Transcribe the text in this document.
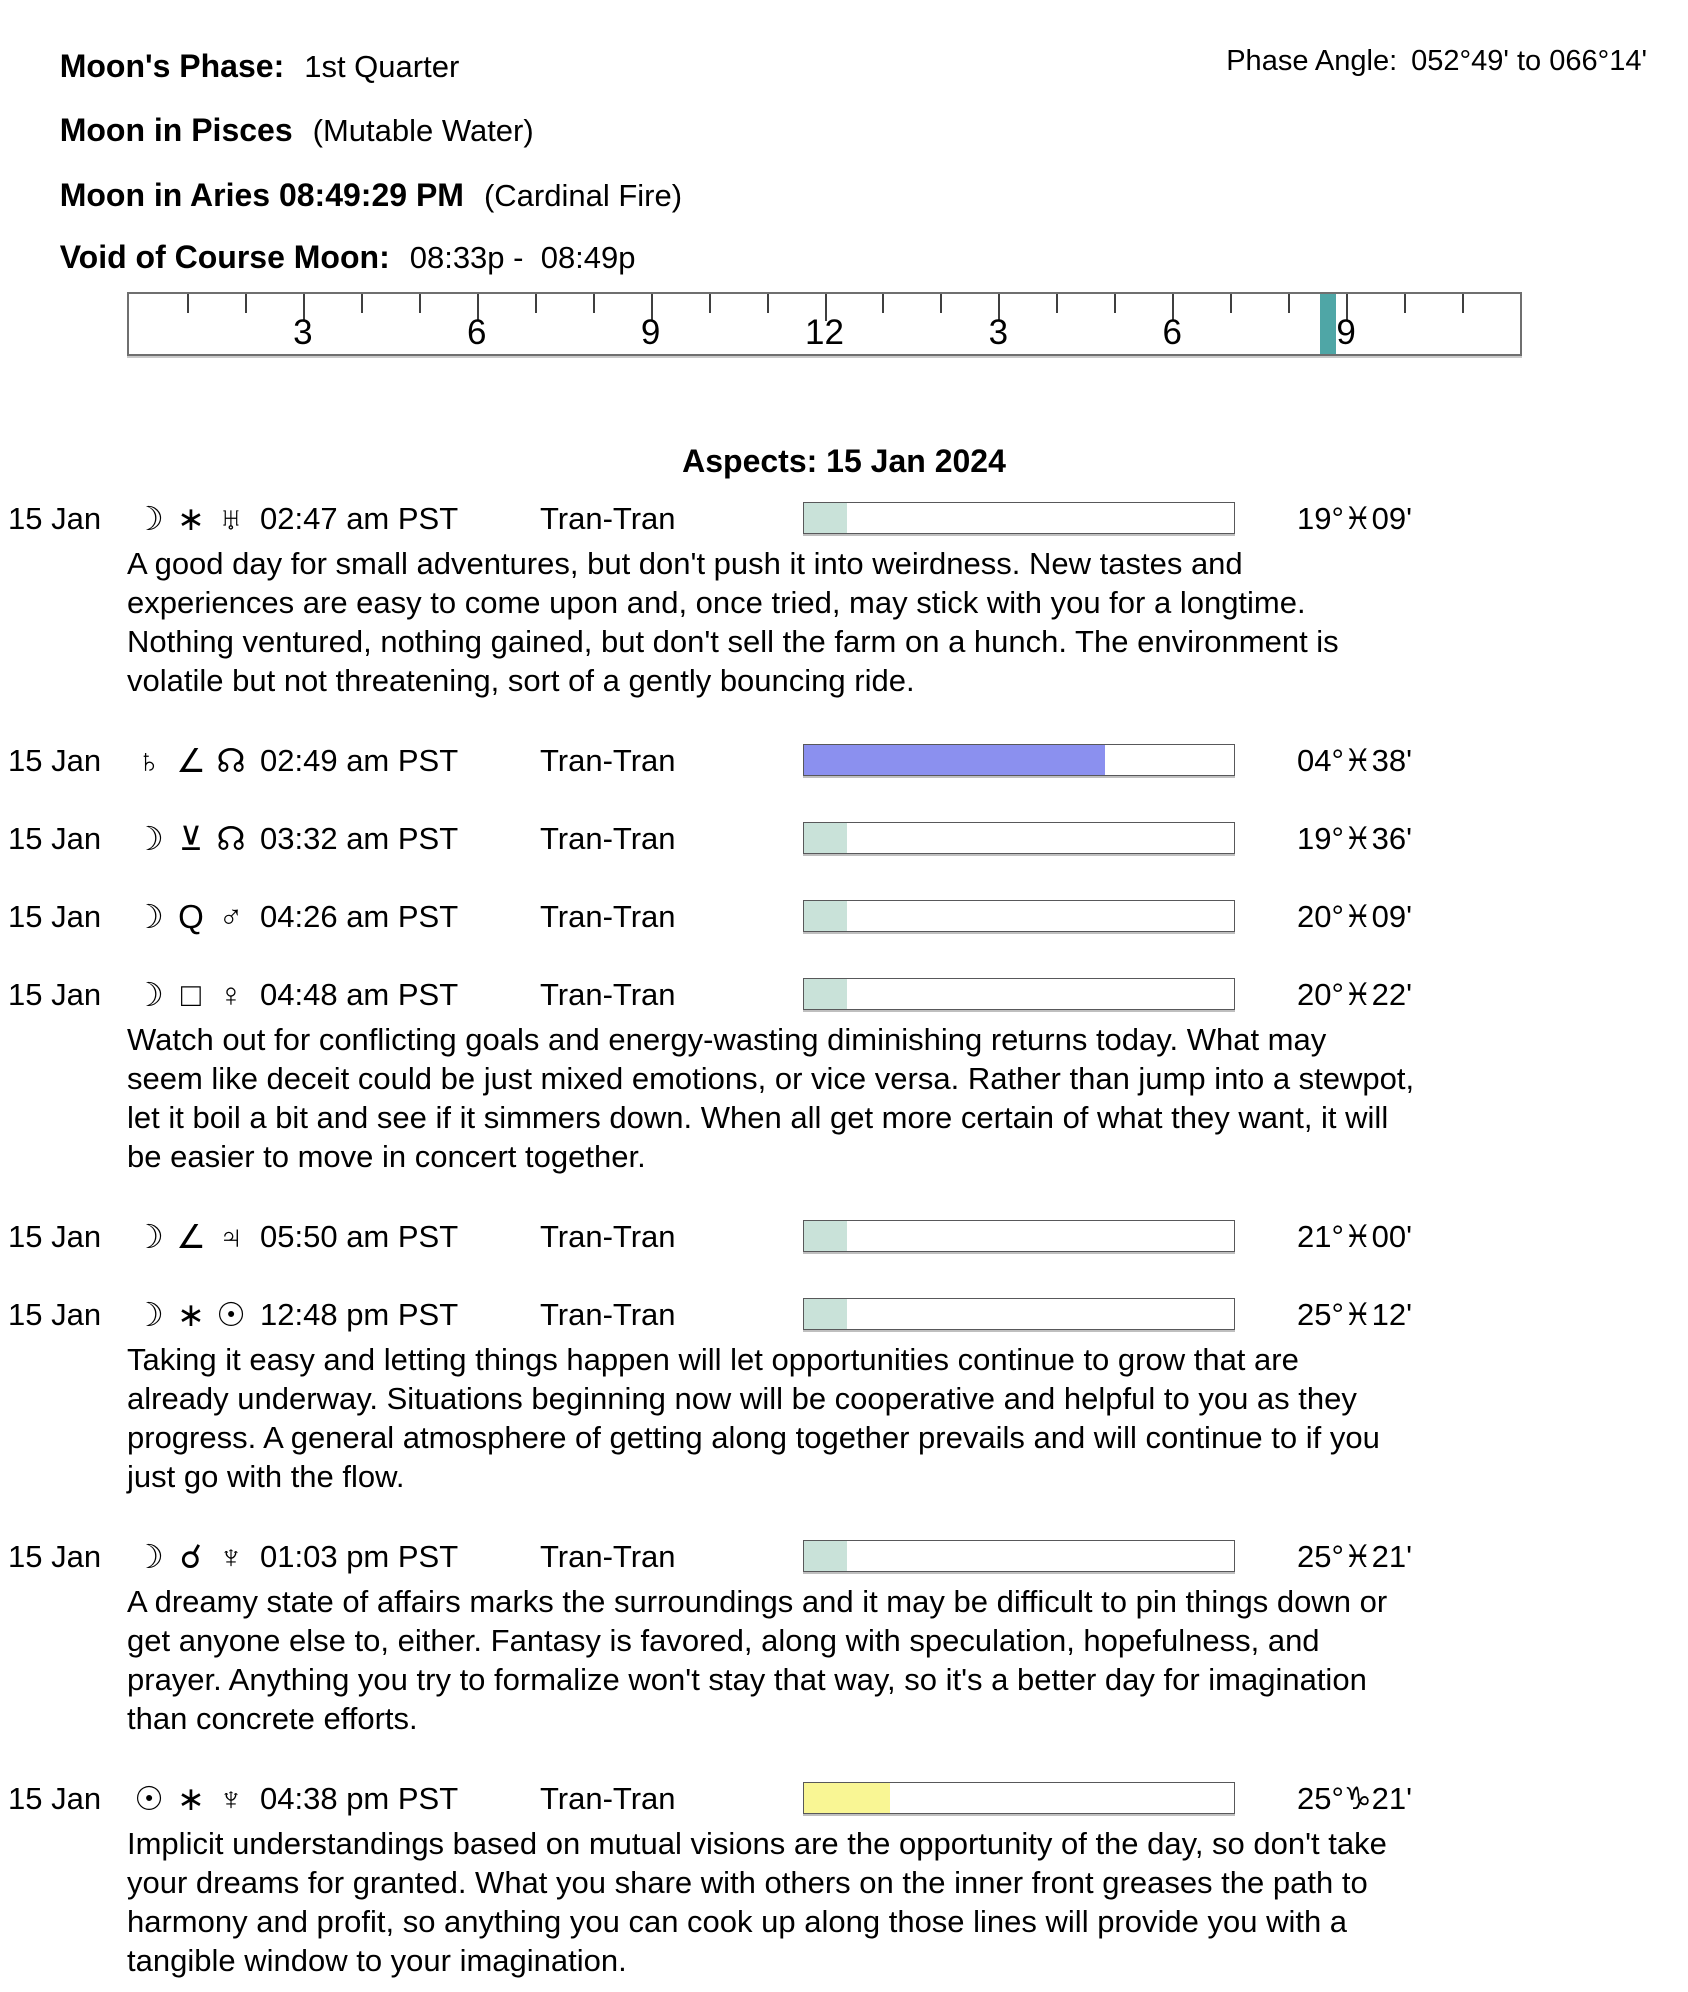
Moon's Phase: 1st Quarter
	Phase Angle: 052°49' to 066°14'

Moon in Pisces (Mutable Water)

Moon in Aries 08:49:29 PM (Cardinal Fire)

Void of Course Moon: 08:33p -  08:49p

3	6	9	12	3	6	9
Aspects: 15 Jan 2024
15 Jan ☽ ∗ ♅ 02:47 am PST	Tran-Tran

	19°♓09'
A good day for small adventures, but don't push it into weirdness. New tastes and
experiences are easy to come upon and, once tried, may stick with you for a longtime.
Nothing ventured, nothing gained, but don't sell the farm on a hunch. The environment is
volatile but not threatening, sort of a gently bouncing ride.
15 Jan ♄ ∠ ☊ 02:49 am PST	Tran-Tran

	04°♓38'
15 Jan ☽ ⊻ ☊ 03:32 am PST	Tran-Tran

	19°♓36'
15 Jan ☽ Q ♂ 04:26 am PST	Tran-Tran

	20°♓09'
15 Jan ☽ □ ♀ 04:48 am PST	Tran-Tran

	20°♓22'
Watch out for conflicting goals and energy-wasting diminishing returns today. What may
seem like deceit could be just mixed emotions, or vice versa. Rather than jump into a stewpot,
let it boil a bit and see if it simmers down. When all get more certain of what they want, it will
be easier to move in concert together.
15 Jan ☽ ∠ ♃ 05:50 am PST	Tran-Tran

	21°♓00'
15 Jan ☽ ∗ ☉ 12:48 pm PST	Tran-Tran

	25°♓12'
Taking it easy and letting things happen will let opportunities continue to grow that are
already underway. Situations beginning now will be cooperative and helpful to you as they
progress. A general atmosphere of getting along together prevails and will continue to if you
just go with the flow.
15 Jan ☽ ☌ ♆ 01:03 pm PST	Tran-Tran

	25°♓21'
A dreamy state of affairs marks the surroundings and it may be difficult to pin things down or
get anyone else to, either. Fantasy is favored, along with speculation, hopefulness, and
prayer. Anything you try to formalize won't stay that way, so it's a better day for imagination
than concrete efforts.
15 Jan ☉ ∗ ♆ 04:38 pm PST	Tran-Tran

	25°♑21'
Implicit understandings based on mutual visions are the opportunity of the day, so don't take
your dreams for granted. What you share with others on the inner front greases the path to
harmony and profit, so anything you can cook up along those lines will provide you with a
tangible window to your imagination.
